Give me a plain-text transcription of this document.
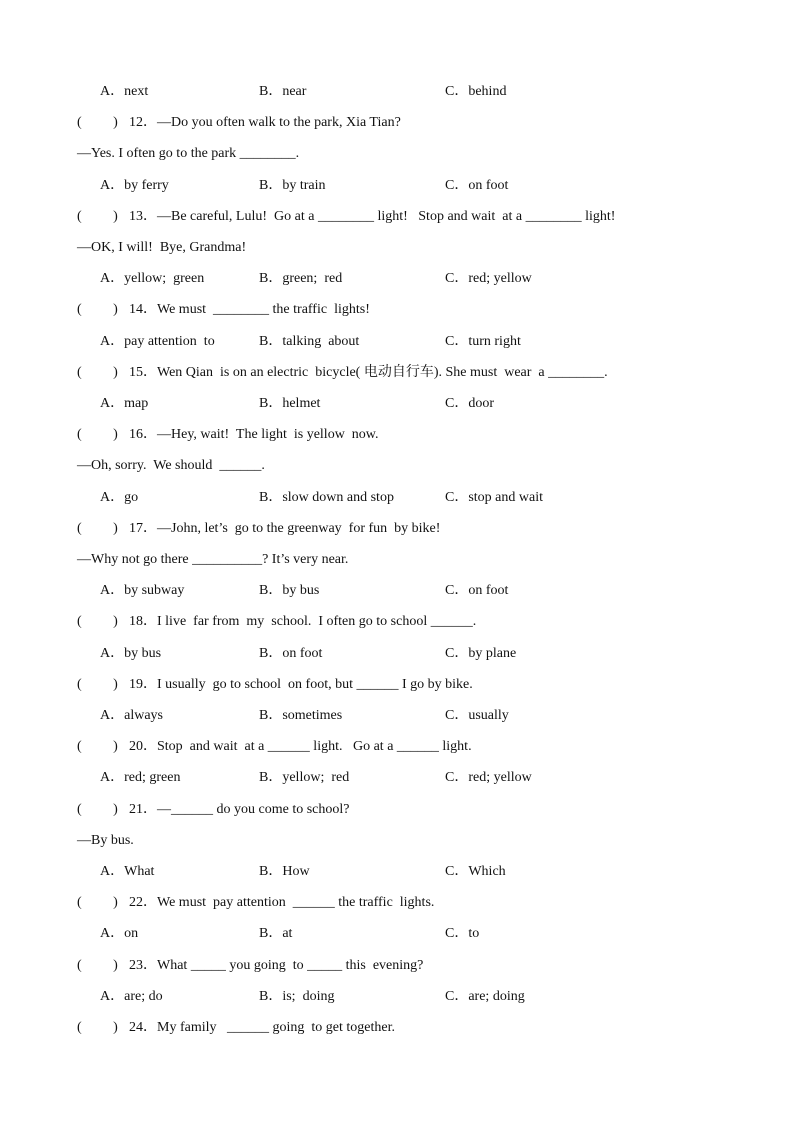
A．next	B．near	C．behind
(         ) 12．—Do you often walk to the park, Xia Tian?
—Yes. I often go to the park ________.
A．by ferry	B．by train	C．on foot
(         ) 13．—Be careful, Lulu!  Go at a ________ light!   Stop and wait  at a ________ light!
—OK, I will!  Bye, Grandma!
A．yellow;  green	B．green;  red	C．red; yellow
(         ) 14．We must  ________ the traffic  lights!
A．pay attention  to	B．talking  about	C．turn right
(         ) 15．Wen Qian  is on an electric  bicycle( 电动自行车). She must  wear  a ________.
A．map	B．helmet	C．door
(         ) 16．—Hey, wait!  The light  is yellow  now.
—Oh, sorry.  We should  ______.
A．go	B．slow down and stop	C．stop and wait
(         ) 17．—John, let’s  go to the greenway  for fun  by bike!
—Why not go there __________? It’s very near.
A．by subway	B．by bus	C．on foot
(         ) 18．I live  far from  my  school.  I often go to school ______.
A．by bus	B．on foot	C．by plane
(         ) 19．I usually  go to school  on foot, but ______ I go by bike.
A．always	B．sometimes	C．usually
(         ) 20．Stop  and wait  at a ______ light.   Go at a ______ light.
A．red; green	B．yellow;  red	C．red; yellow
(         ) 21．—______ do you come to school?
—By bus.
A．What	B．How	C．Which
(         ) 22．We must  pay attention  ______ the traffic  lights.
A．on	B．at	C．to
(         ) 23．What _____ you going  to _____ this  evening?
A．are; do	B．is;  doing	C．are; doing
(         ) 24．My family   ______ going  to get together.
